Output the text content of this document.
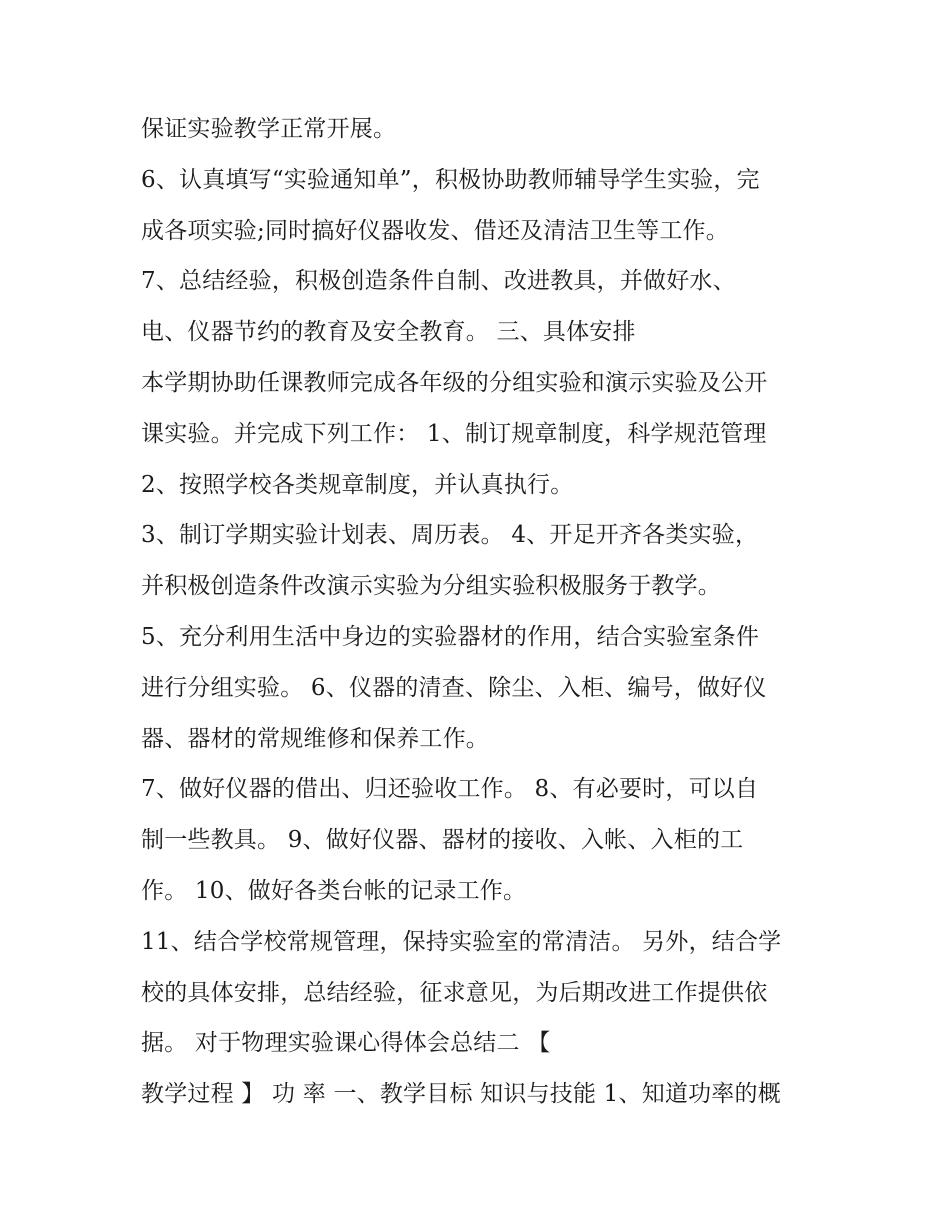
保证实验教学正常开展。
6、认真填写“实验通知单”，积极协助教师辅导学生实验，完
成各项实验;同时搞好仪器收发、借还及清洁卫生等工作。
7、总结经验，积极创造条件自制、改进教具，并做好水、
电、仪器节约的教育及安全教育。 三、具体安排
本学期协助任课教师完成各年级的分组实验和演示实验及公开
课实验。并完成下列工作： 1、制订规章制度，科学规范管理
2、按照学校各类规章制度，并认真执行。
3、制订学期实验计划表、周历表。 4、开足开齐各类实验，
并积极创造条件改演示实验为分组实验积极服务于教学。
5、充分利用生活中身边的实验器材的作用，结合实验室条件
进行分组实验。 6、仪器的清查、除尘、入柜、编号，做好仪
器、器材的常规维修和保养工作。
7、做好仪器的借出、归还验收工作。 8、有必要时，可以自
制一些教具。 9、做好仪器、器材的接收、入帐、入柜的工
作。 10、做好各类台帐的记录工作。
11、结合学校常规管理，保持实验室的常清洁。 另外，结合学
校的具体安排，总结经验，征求意见，为后期改进工作提供依
据。 对于物理实验课心得体会总结二 【
教学过程 】 功 率 一、教学目标 知识与技能 1、知道功率的概
